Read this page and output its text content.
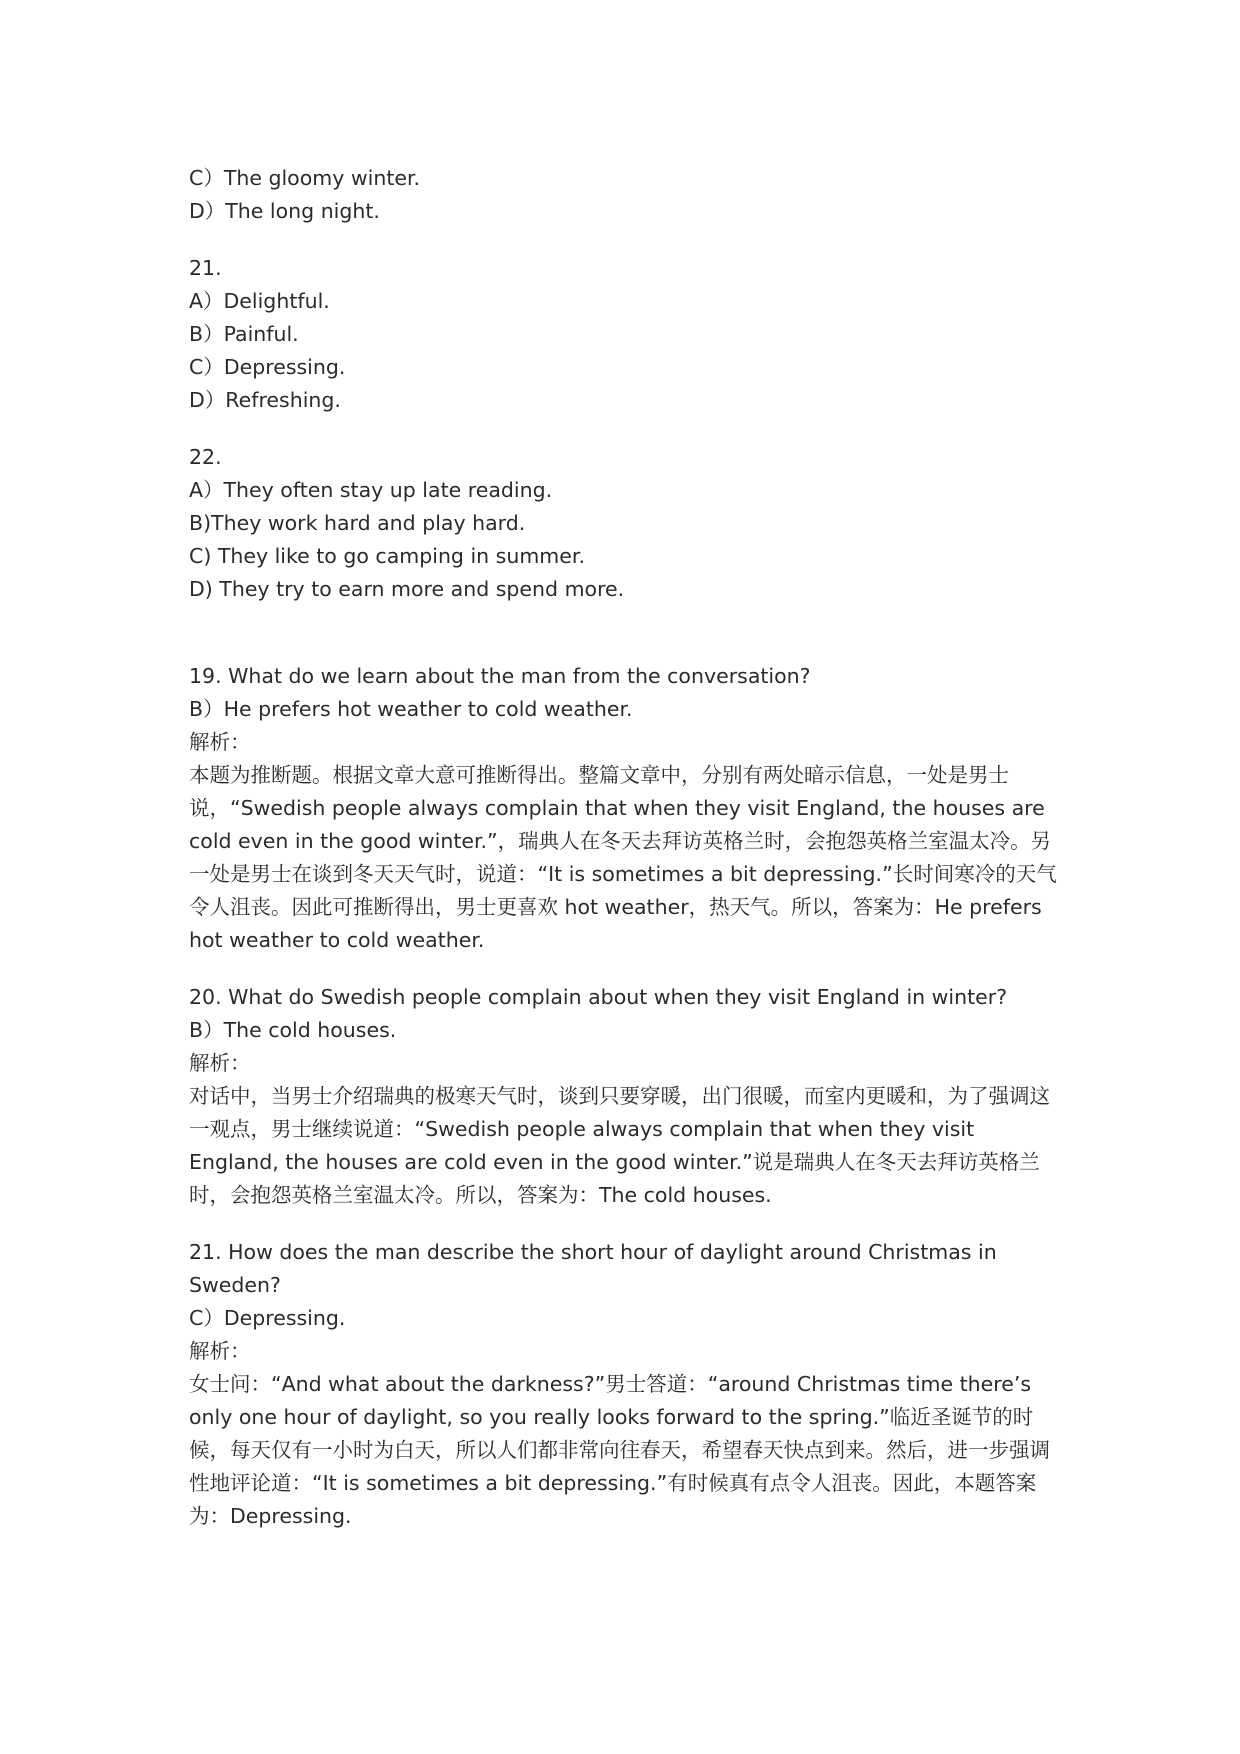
C）The gloomy winter.

D）The long night.

21.

A）Delightful.

B）Painful.

C）Depressing.

D）Refreshing.

22.

A）They often stay up late reading.

B)They work hard and play hard.

C) They like to go camping in summer.

D) They try to earn more and spend more.

19. What do we learn about the man from the conversation?

B）He prefers hot weather to cold weather.

解析：

本题为推断题。根据文章大意可推断得出。整篇文章中，分别有两处暗示信息，一处是男士说，“Swedish people always complain that when they visit England, the houses are cold even in the good winter.”，瑞典人在冬天去拜访英格兰时，会抱怨英格兰室温太冷。另一处是男士在谈到冬天天气时，说道：“It is sometimes a bit depressing.”长时间寒冷的天气令人沮丧。因此可推断得出，男士更喜欢 hot weather，热天气。所以，答案为：He prefers hot weather to cold weather.

20. What do Swedish people complain about when they visit England in winter?

B）The cold houses.

解析：

对话中，当男士介绍瑞典的极寒天气时，谈到只要穿暖，出门很暖，而室内更暖和，为了强调这一观点，男士继续说道：“Swedish people always complain that when they visit England, the houses are cold even in the good winter.”说是瑞典人在冬天去拜访英格兰时，会抱怨英格兰室温太冷。所以，答案为：The cold houses.

21. How does the man describe the short hour of daylight around Christmas in Sweden?

C）Depressing.

解析：

女士问：“And what about the darkness?”男士答道：“around Christmas time there’s only one hour of daylight, so you really looks forward to the spring.”临近圣诞节的时候，每天仅有一小时为白天，所以人们都非常向往春天，希望春天快点到来。然后，进一步强调性地评论道：“It is sometimes a bit depressing.”有时候真有点令人沮丧。因此，本题答案为：Depressing.
